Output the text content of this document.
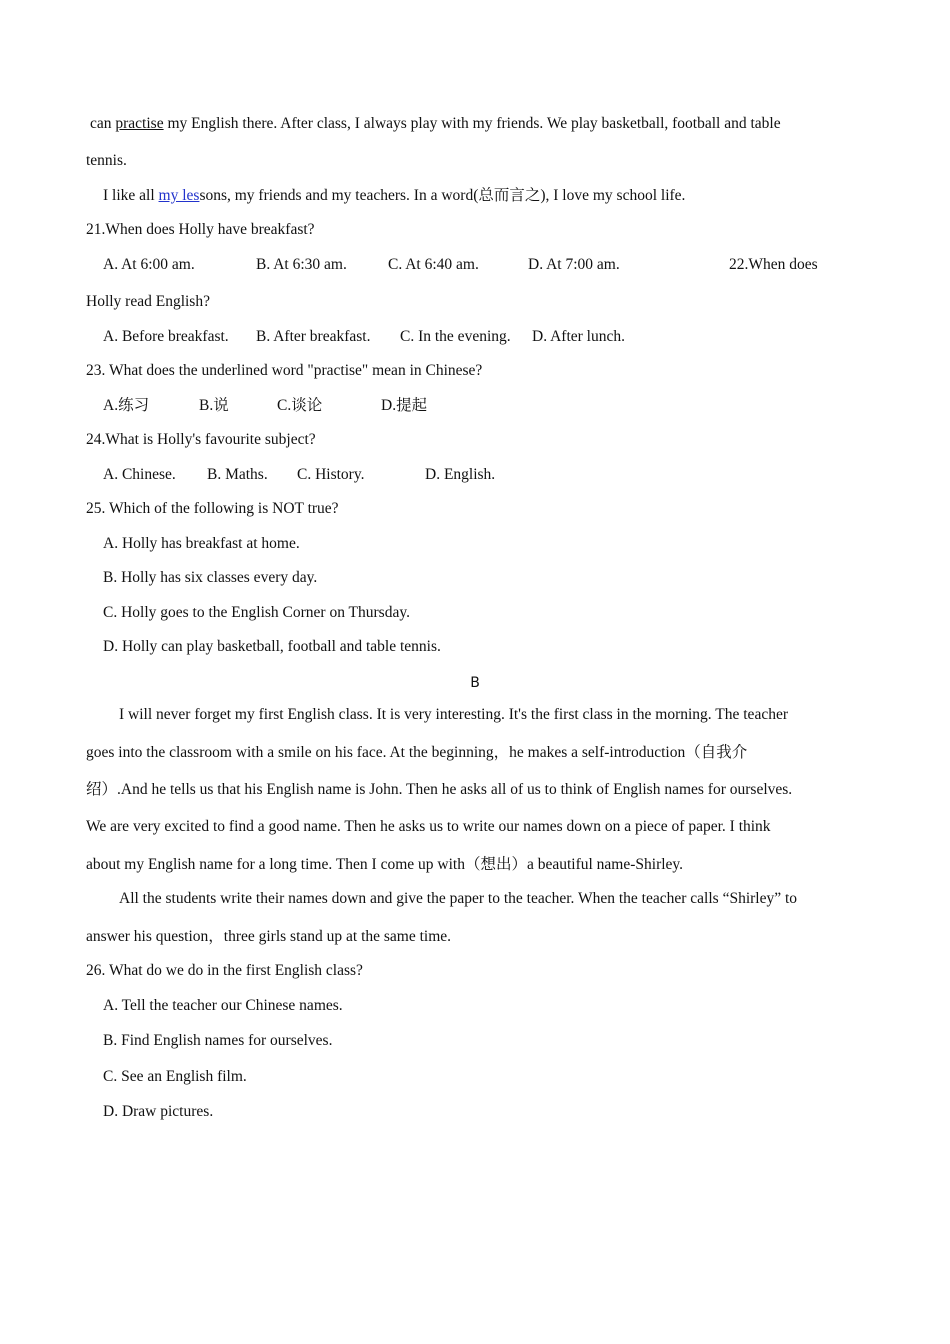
can practise my English there. After class, I always play with my friends. We play basketball, football and table
tennis.
I like all my lessons, my friends and my teachers. In a word(总而言之), I love my school life.
21.When does Holly have breakfast?
A. At 6:00 am.	B. At 6:30 am.	C. At 6:40 am.	D. At 7:00 am.	22.When does
Holly read English?
A. Before breakfast. B. After breakfast. C. In the evening. D. After lunch.
23. What does the underlined word "practise" mean in Chinese?
A.练习	B.说	C.谈论	D.提起
24.What is Holly's favourite subject?
A. Chinese. B. Maths. C. History.	D. English.
25. Which of the following is NOT true?
A. Holly has breakfast at home.
B. Holly has six classes every day.
C. Holly goes to the English Corner on Thursday.
D. Holly can play basketball, football and table tennis.
B
I will never forget my first English class. It is very interesting. It's the first class in the morning. The teacher
goes into the classroom with a smile on his face. At the beginning，he makes a self-introduction（自我介
绍）.And he tells us that his English name is John. Then he asks all of us to think of English names for ourselves.
We are very excited to find a good name. Then he asks us to write our names down on a piece of paper. I think
about my English name for a long time. Then I come up with（想出）a beautiful name-Shirley.
All the students write their names down and give the paper to the teacher. When the teacher calls “Shirley” to
answer his question，three girls stand up at the same time.
26. What do we do in the first English class?
A. Tell the teacher our Chinese names.
B. Find English names for ourselves.
C. See an English film.
D. Draw pictures.
